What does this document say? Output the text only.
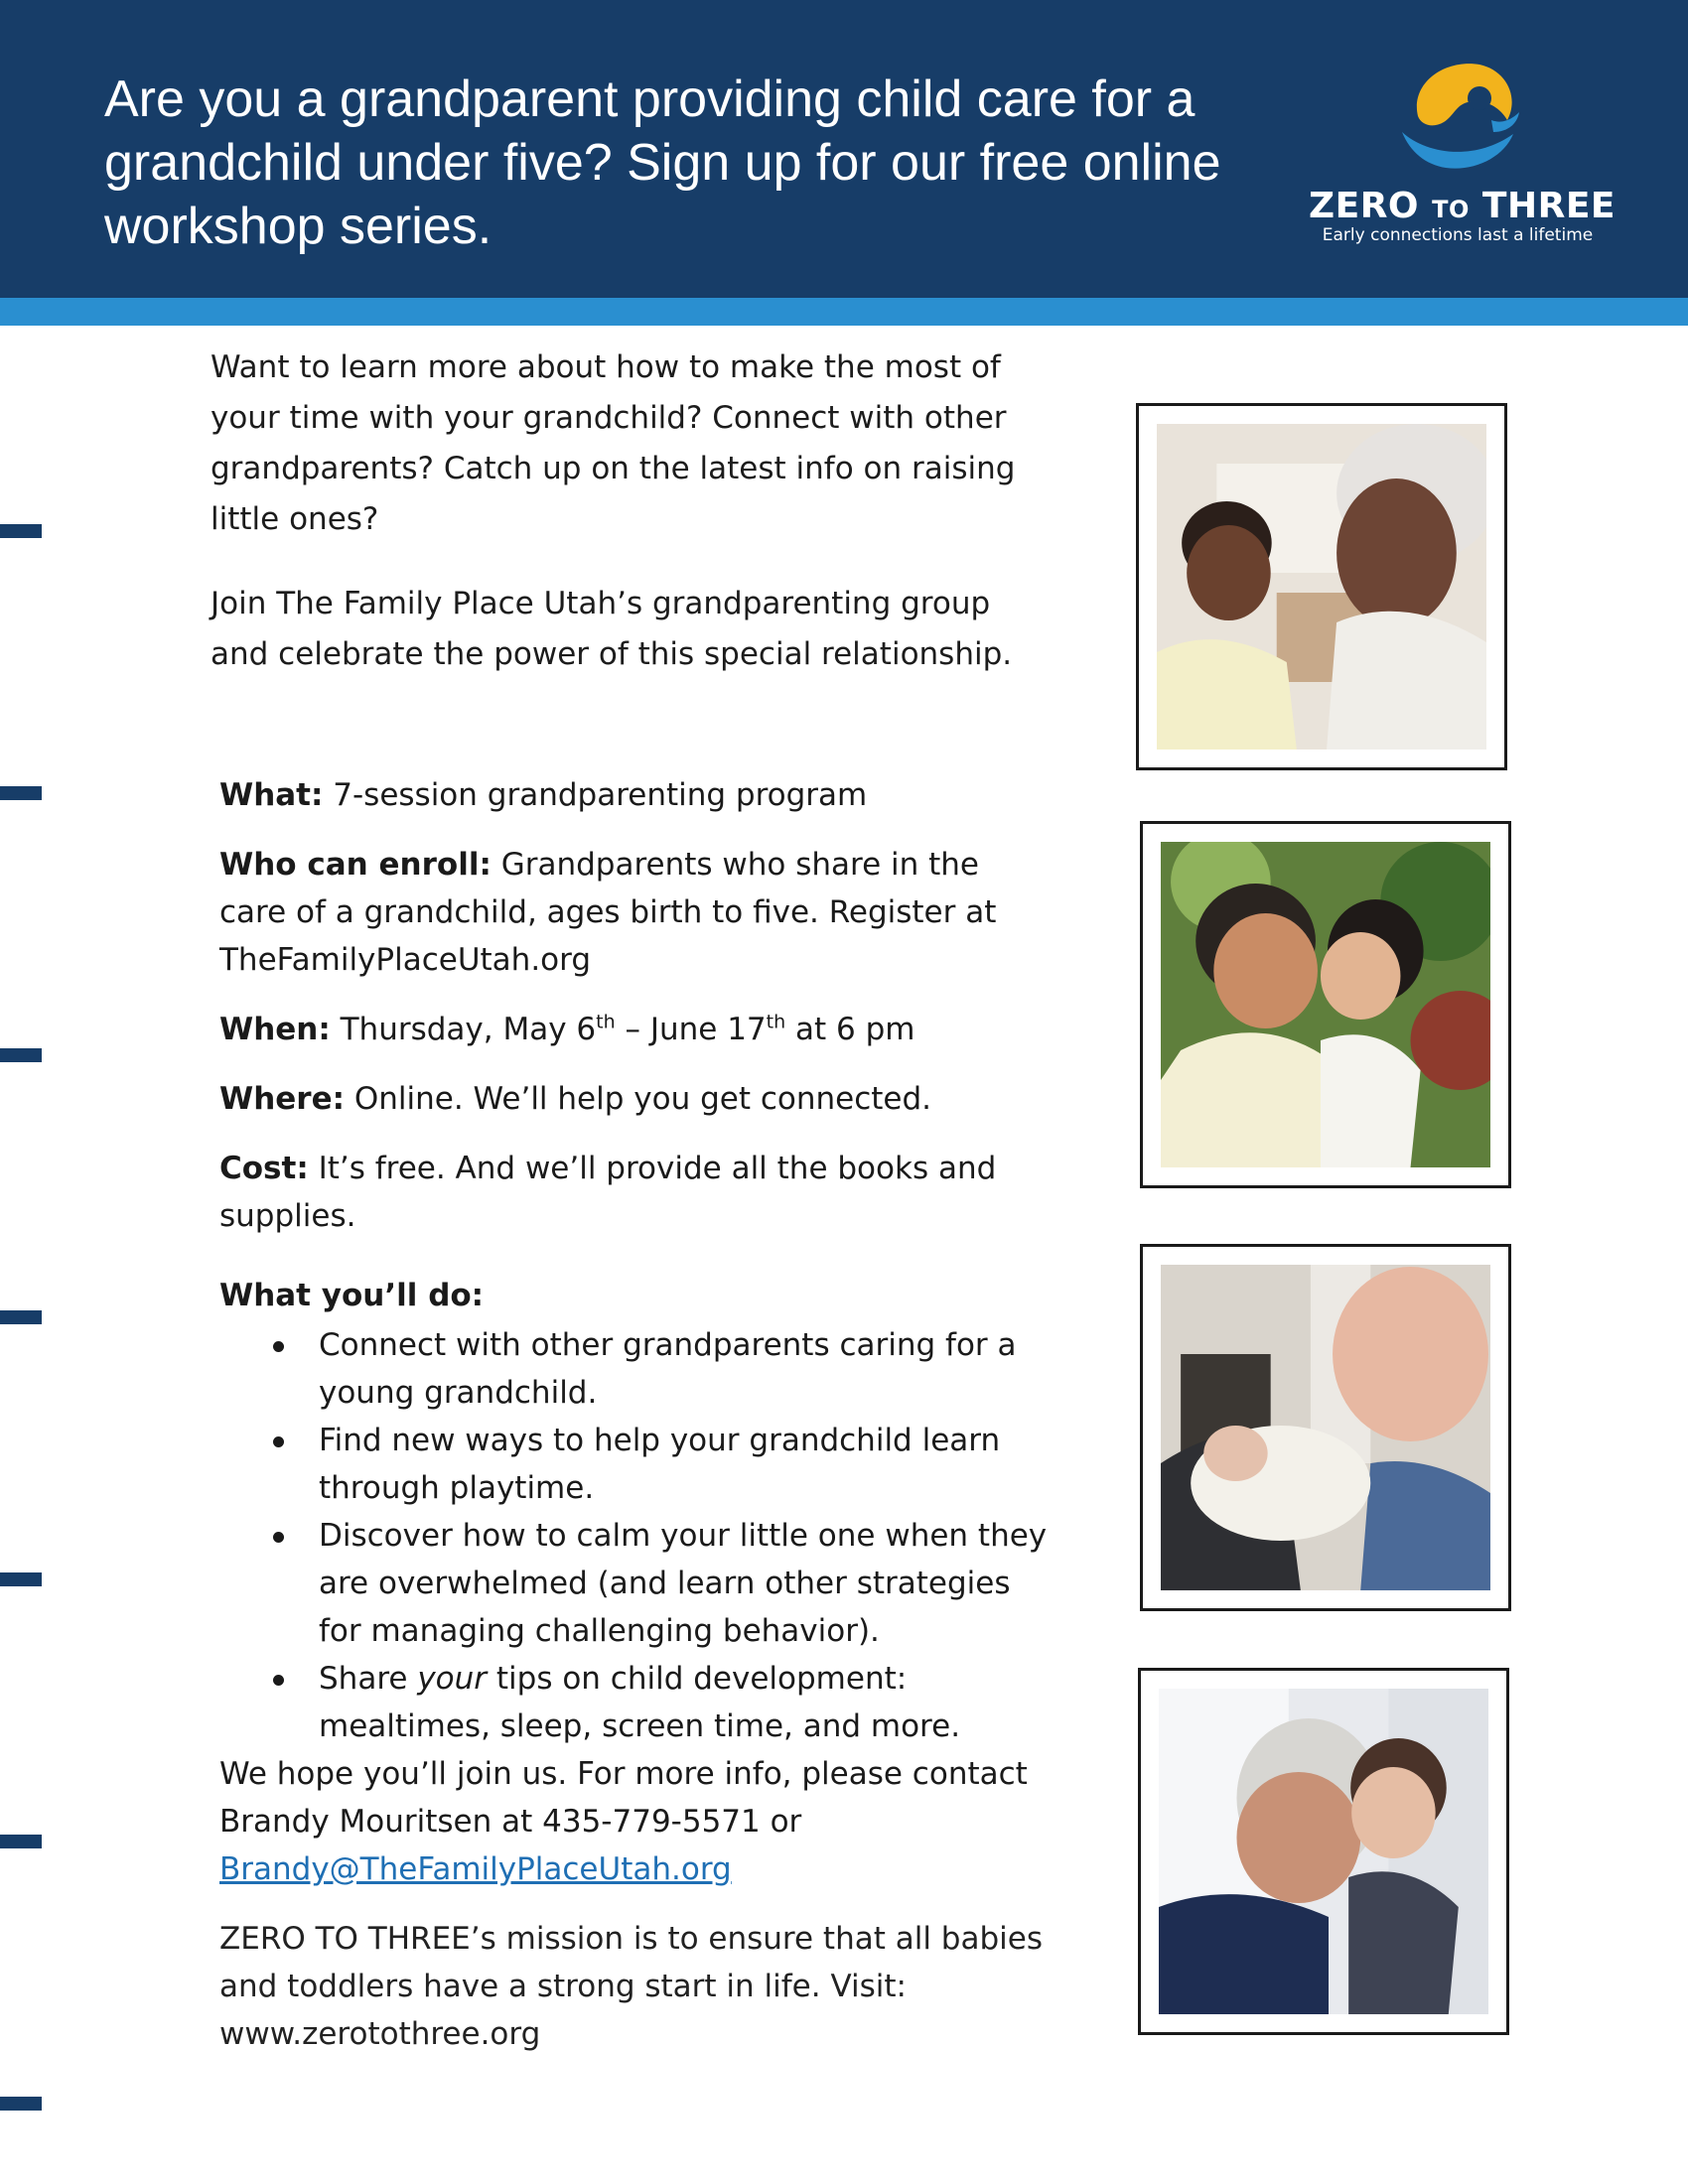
Are you a grandparent providing child care for a grandchild under five? Sign up for our free online workshop series.	ZERO TO THREE
Early connections last a lifetime

Want to learn more about how to make the most of your time with your grandchild? Connect with other grandparents? Catch up on the latest info on raising little ones?

Join The Family Place Utah’s grandparenting group and celebrate the power of this special relationship.

What: 7-session grandparenting program

Who can enroll: Grandparents who share in the care of a grandchild, ages birth to five. Register at TheFamilyPlaceUtah.org

When: Thursday, May 6th – June 17th at 6 pm

Where: Online. We’ll help you get connected.

Cost: It’s free. And we’ll provide all the books and supplies.

What you’ll do:
Connect with other grandparents caring for a young grandchild.
Find new ways to help your grandchild learn through playtime.
Discover how to calm your little one when they are overwhelmed (and learn other strategies for managing challenging behavior).
Share your tips on child development: mealtimes, sleep, screen time, and more.

We hope you’ll join us. For more info, please contact Brandy Mouritsen at 435-779-5571 or
Brandy@TheFamilyPlaceUtah.org

ZERO TO THREE’s mission is to ensure that all babies and toddlers have a strong start in life. Visit: www.zerotothree.org
